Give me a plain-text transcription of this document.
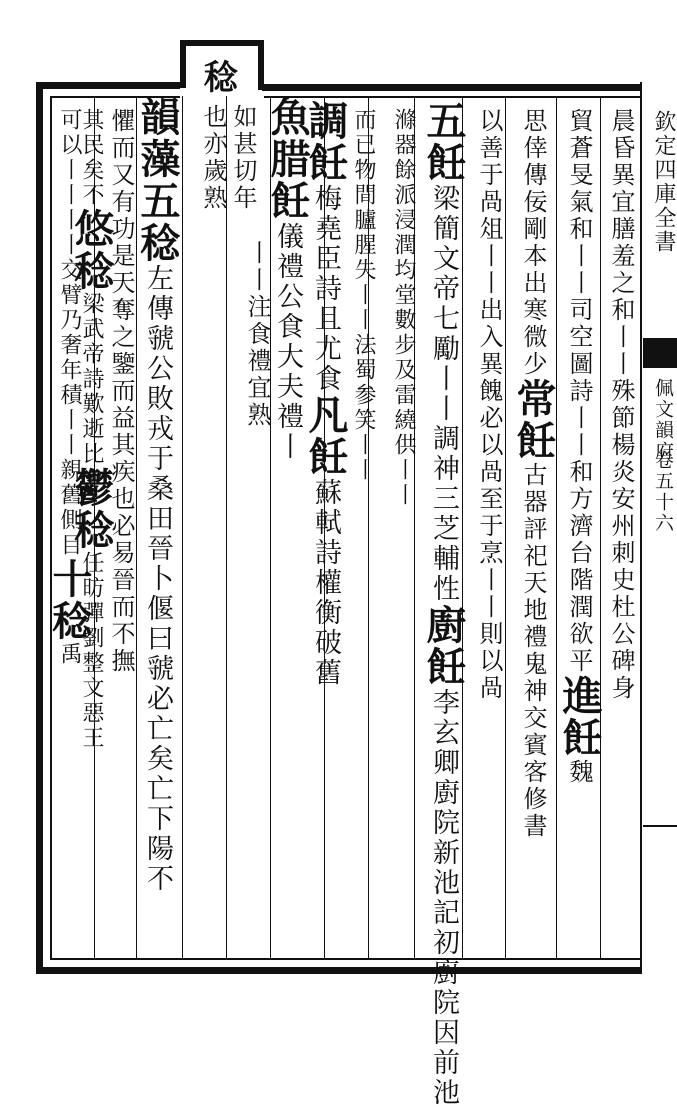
稔
欽定四庫全書
佩文韻府
卷五十六
晨昏異宜膳羞之和丨丨殊節楊炎安州刺史杜公碑身
貿蒼旻氣和丨丨司空圖詩丨丨和方濟台階潤欲平進飪魏
思倖傳佞剛本出寒微少常飪古器評祀天地禮鬼神交賓客修書
以善于咼俎丨丨出入異餽必以咼至于烹丨丨則以咼
五飪梁簡文帝七勵丨丨調神三芝輔性廚飪李玄卿廚院新池記初廚院因前池
滌器餘派浸潤均堂數步及雷繞供丨丨
調飪梅堯臣詩且尤食凡飪蘇軾詩權衡破舊
而已物間臚腥失丨丨法蜀参笑丨丨
魚腊飪儀禮公食大夫禮丨
丨丨注食禮宜熟
如甚切年
也亦歲熟
韻藻五稔左傳虢公敗戎于桑田晉卜偃曰虢必亡矣亡下陽不
懼而又有功是天奪之鑒而益其疾也必易晉而不撫
其民矣不悠稔梁武帝詩歎逝比鬱稔任昉彈劉整文惡王
可以丨丨丨丨交臂乃奢年積丨丨親舊側目十稔禹
